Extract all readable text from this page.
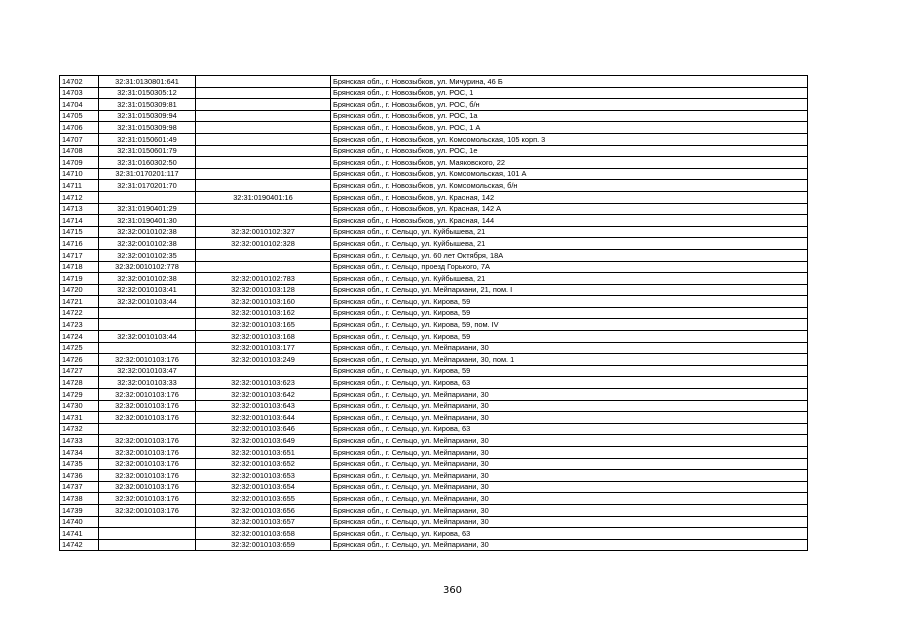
14702	32:31:0130801:641		Брянская обл., г. Новозыбков, ул. Мичурина, 46 Б
14703	32:31:0150305:12		Брянская обл., г. Новозыбков, ул. РОС, 1
14704	32:31:0150309:81		Брянская обл., г. Новозыбков, ул. РОС, б/н
14705	32:31:0150309:94		Брянская обл., г. Новозыбков, ул. РОС, 1а
14706	32:31:0150309:98		Брянская обл., г. Новозыбков, ул. РОС, 1 А
14707	32:31:0150601:49		Брянская обл., г. Новозыбков, ул. Комсомольская, 105 корп. 3
14708	32:31:0150601:79		Брянская обл., г. Новозыбков, ул. РОС, 1е
14709	32:31:0160302:50		Брянская обл., г. Новозыбков, ул. Маяковского, 22
14710	32:31:0170201:117		Брянская обл., г. Новозыбков, ул. Комсомольская, 101 А
14711	32:31:0170201:70		Брянская обл., г. Новозыбков, ул. Комсомольская, б/н
14712		32:31:0190401:16	Брянская обл., г. Новозыбков, ул. Красная, 142
14713	32:31:0190401:29		Брянская обл., г. Новозыбков, ул. Красная, 142 А
14714	32:31:0190401:30		Брянская обл., г. Новозыбков, ул. Красная, 144
14715	32:32:0010102:38	32:32:0010102:327	Брянская обл., г. Сельцо, ул. Куйбышева, 21
14716	32:32:0010102:38	32:32:0010102:328	Брянская обл., г. Сельцо, ул. Куйбышева, 21
14717	32:32:0010102:35		Брянская обл., г. Сельцо, ул. 60 лет Октября, 18А
14718	32:32:0010102:778		Брянская обл., г. Сельцо, проезд Горького, 7А
14719	32:32:0010102:38	32:32:0010102:783	Брянская обл., г. Сельцо, ул. Куйбышева, 21
14720	32:32:0010103:41	32:32:0010103:128	Брянская обл., г. Сельцо, ул. Мейпариани, 21, пом. I
14721	32:32:0010103:44	32:32:0010103:160	Брянская обл., г. Сельцо, ул. Кирова, 59
14722		32:32:0010103:162	Брянская обл., г. Сельцо, ул. Кирова, 59
14723		32:32:0010103:165	Брянская обл., г. Сельцо, ул. Кирова, 59, пом. IV
14724	32:32:0010103:44	32:32:0010103:168	Брянская обл., г. Сельцо, ул. Кирова, 59
14725		32:32:0010103:177	Брянская обл., г. Сельцо, ул. Мейпариани, 30
14726	32:32:0010103:176	32:32:0010103:249	Брянская обл., г. Сельцо, ул. Мейпариани, 30, пом. 1
14727	32:32:0010103:47		Брянская обл., г. Сельцо, ул. Кирова, 59
14728	32:32:0010103:33	32:32:0010103:623	Брянская обл., г. Сельцо, ул. Кирова, 63
14729	32:32:0010103:176	32:32:0010103:642	Брянская обл., г. Сельцо, ул. Мейпариани, 30
14730	32:32:0010103:176	32:32:0010103:643	Брянская обл., г. Сельцо, ул. Мейпариани, 30
14731	32:32:0010103:176	32:32:0010103:644	Брянская обл., г. Сельцо, ул. Мейпариани, 30
14732		32:32:0010103:646	Брянская обл., г. Сельцо, ул. Кирова, 63
14733	32:32:0010103:176	32:32:0010103:649	Брянская обл., г. Сельцо, ул. Мейпариани, 30
14734	32:32:0010103:176	32:32:0010103:651	Брянская обл., г. Сельцо, ул. Мейпариани, 30
14735	32:32:0010103:176	32:32:0010103:652	Брянская обл., г. Сельцо, ул. Мейпариани, 30
14736	32:32:0010103:176	32:32:0010103:653	Брянская обл., г. Сельцо, ул. Мейпариани, 30
14737	32:32:0010103:176	32:32:0010103:654	Брянская обл., г. Сельцо, ул. Мейпариани, 30
14738	32:32:0010103:176	32:32:0010103:655	Брянская обл., г. Сельцо, ул. Мейпариани, 30
14739	32:32:0010103:176	32:32:0010103:656	Брянская обл., г. Сельцо, ул. Мейпариани, 30
14740		32:32:0010103:657	Брянская обл., г. Сельцо, ул. Мейпариани, 30
14741		32:32:0010103:658	Брянская обл., г. Сельцо, ул. Кирова, 63
14742		32:32:0010103:659	Брянская обл., г. Сельцо, ул. Мейпариани, 30
360
